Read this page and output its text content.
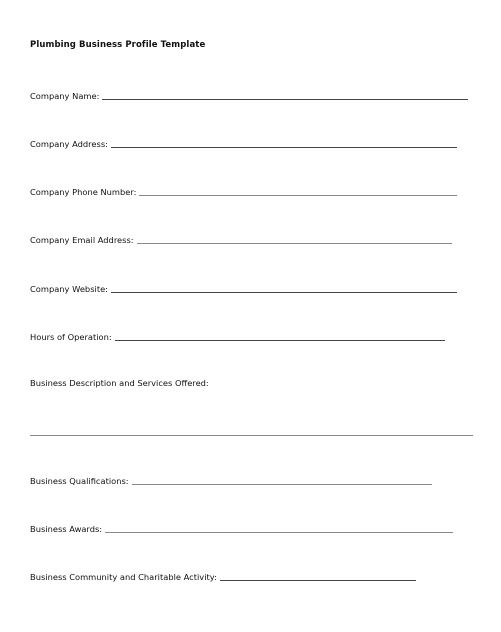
Plumbing Business Profile Template
Company Name:
Company Address:
Company Phone Number:
Company Email Address:
Company Website:
Hours of Operation:
Business Description and Services Offered:
Business Qualifications:
Business Awards:
Business Community and Charitable Activity:
